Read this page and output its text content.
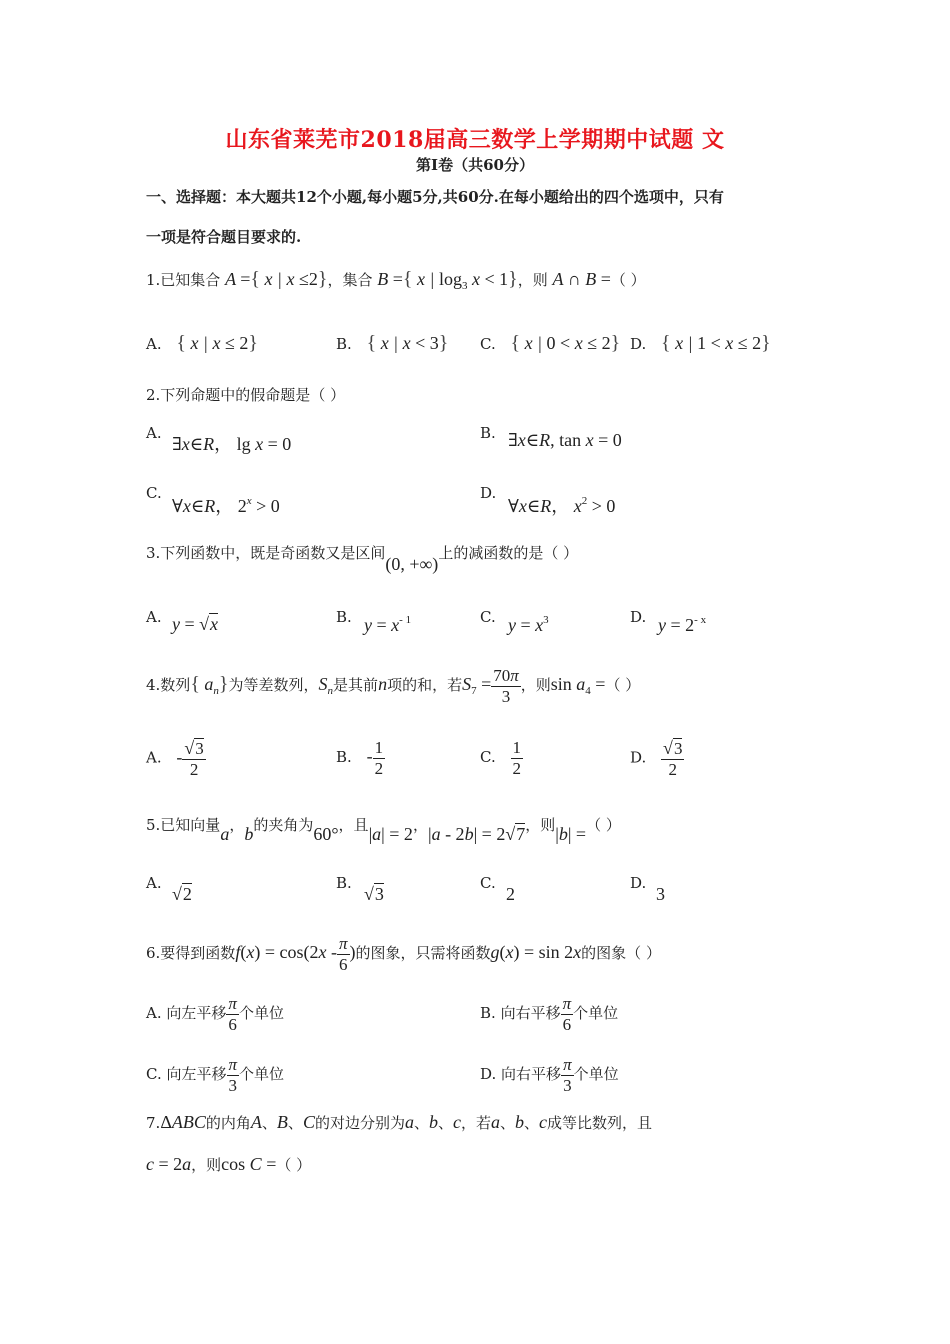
山东省莱芜市2018届高三数学上学期期中试题 文
第Ⅰ卷（共60分）
一、选择题：本大题共12个小题,每小题5分,共60分.在每小题给出的四个选项中，只有
一项是符合题目要求的.
1.已知集合 A ={ x | x ≤2}，集合 B ={ x | $\log_3 x < 1$}，则 A ∩ B =（ ）
A. { x | x ≤ 2}	B. { x | x < 3} C. { x | 0 < x ≤ 2} D. { x | 1 < x ≤ 2}
2.下列命题中的假命题是（ ）
A.
∃x∈R， lg x = 0
B. ∃x∈R, tan x = 0
C.
∀x∈R， $2^x > 0$
D.
∀x∈R， $x^2 > 0$
3.下列函数中，既是奇函数又是区间(0, +∞)上的减函数的是（ ）
A. y = √x	B. $y = x^{- 1}$	C. $y = x^3$	D. $y = 2^{- x}$
4.数列{ $a_n$}为等差数列，$S_n$是其前n项的和，若$S_7 = \frac{70\pi}{3}$ ，则$\sin a_4$ =（ ）
A. - $\frac{√3}{2}$	B. - $\frac{1}{2}$	C. $\frac{1}{2}$	D. $\frac{√3}{2}$
5.已知向量a，b的夹角为60°，且|a| = 2，|a - 2b| = 2√7，则|b| =（ ）
A.
√2
B.
√3
C.
2
D.
3
6.要得到函数$f(x) = \cos(2x - \frac{\pi}{6}$ )的图象，只需将函数g(x) = sin 2x的图象（ ）
A. 向左平移 $\frac{\pi}{6}$ 个单位	B. 向右平移 $\frac{\pi}{6}$ 个单位
C. 向左平移 $\frac{\pi}{3}$ 个单位	D. 向右平移 $\frac{\pi}{3}$ 个单位
7.ΔABC的内角A、B、C的对边分别为a、b、c，若a、b、c成等比数列，且
c = 2a，则cos C =（ ）
